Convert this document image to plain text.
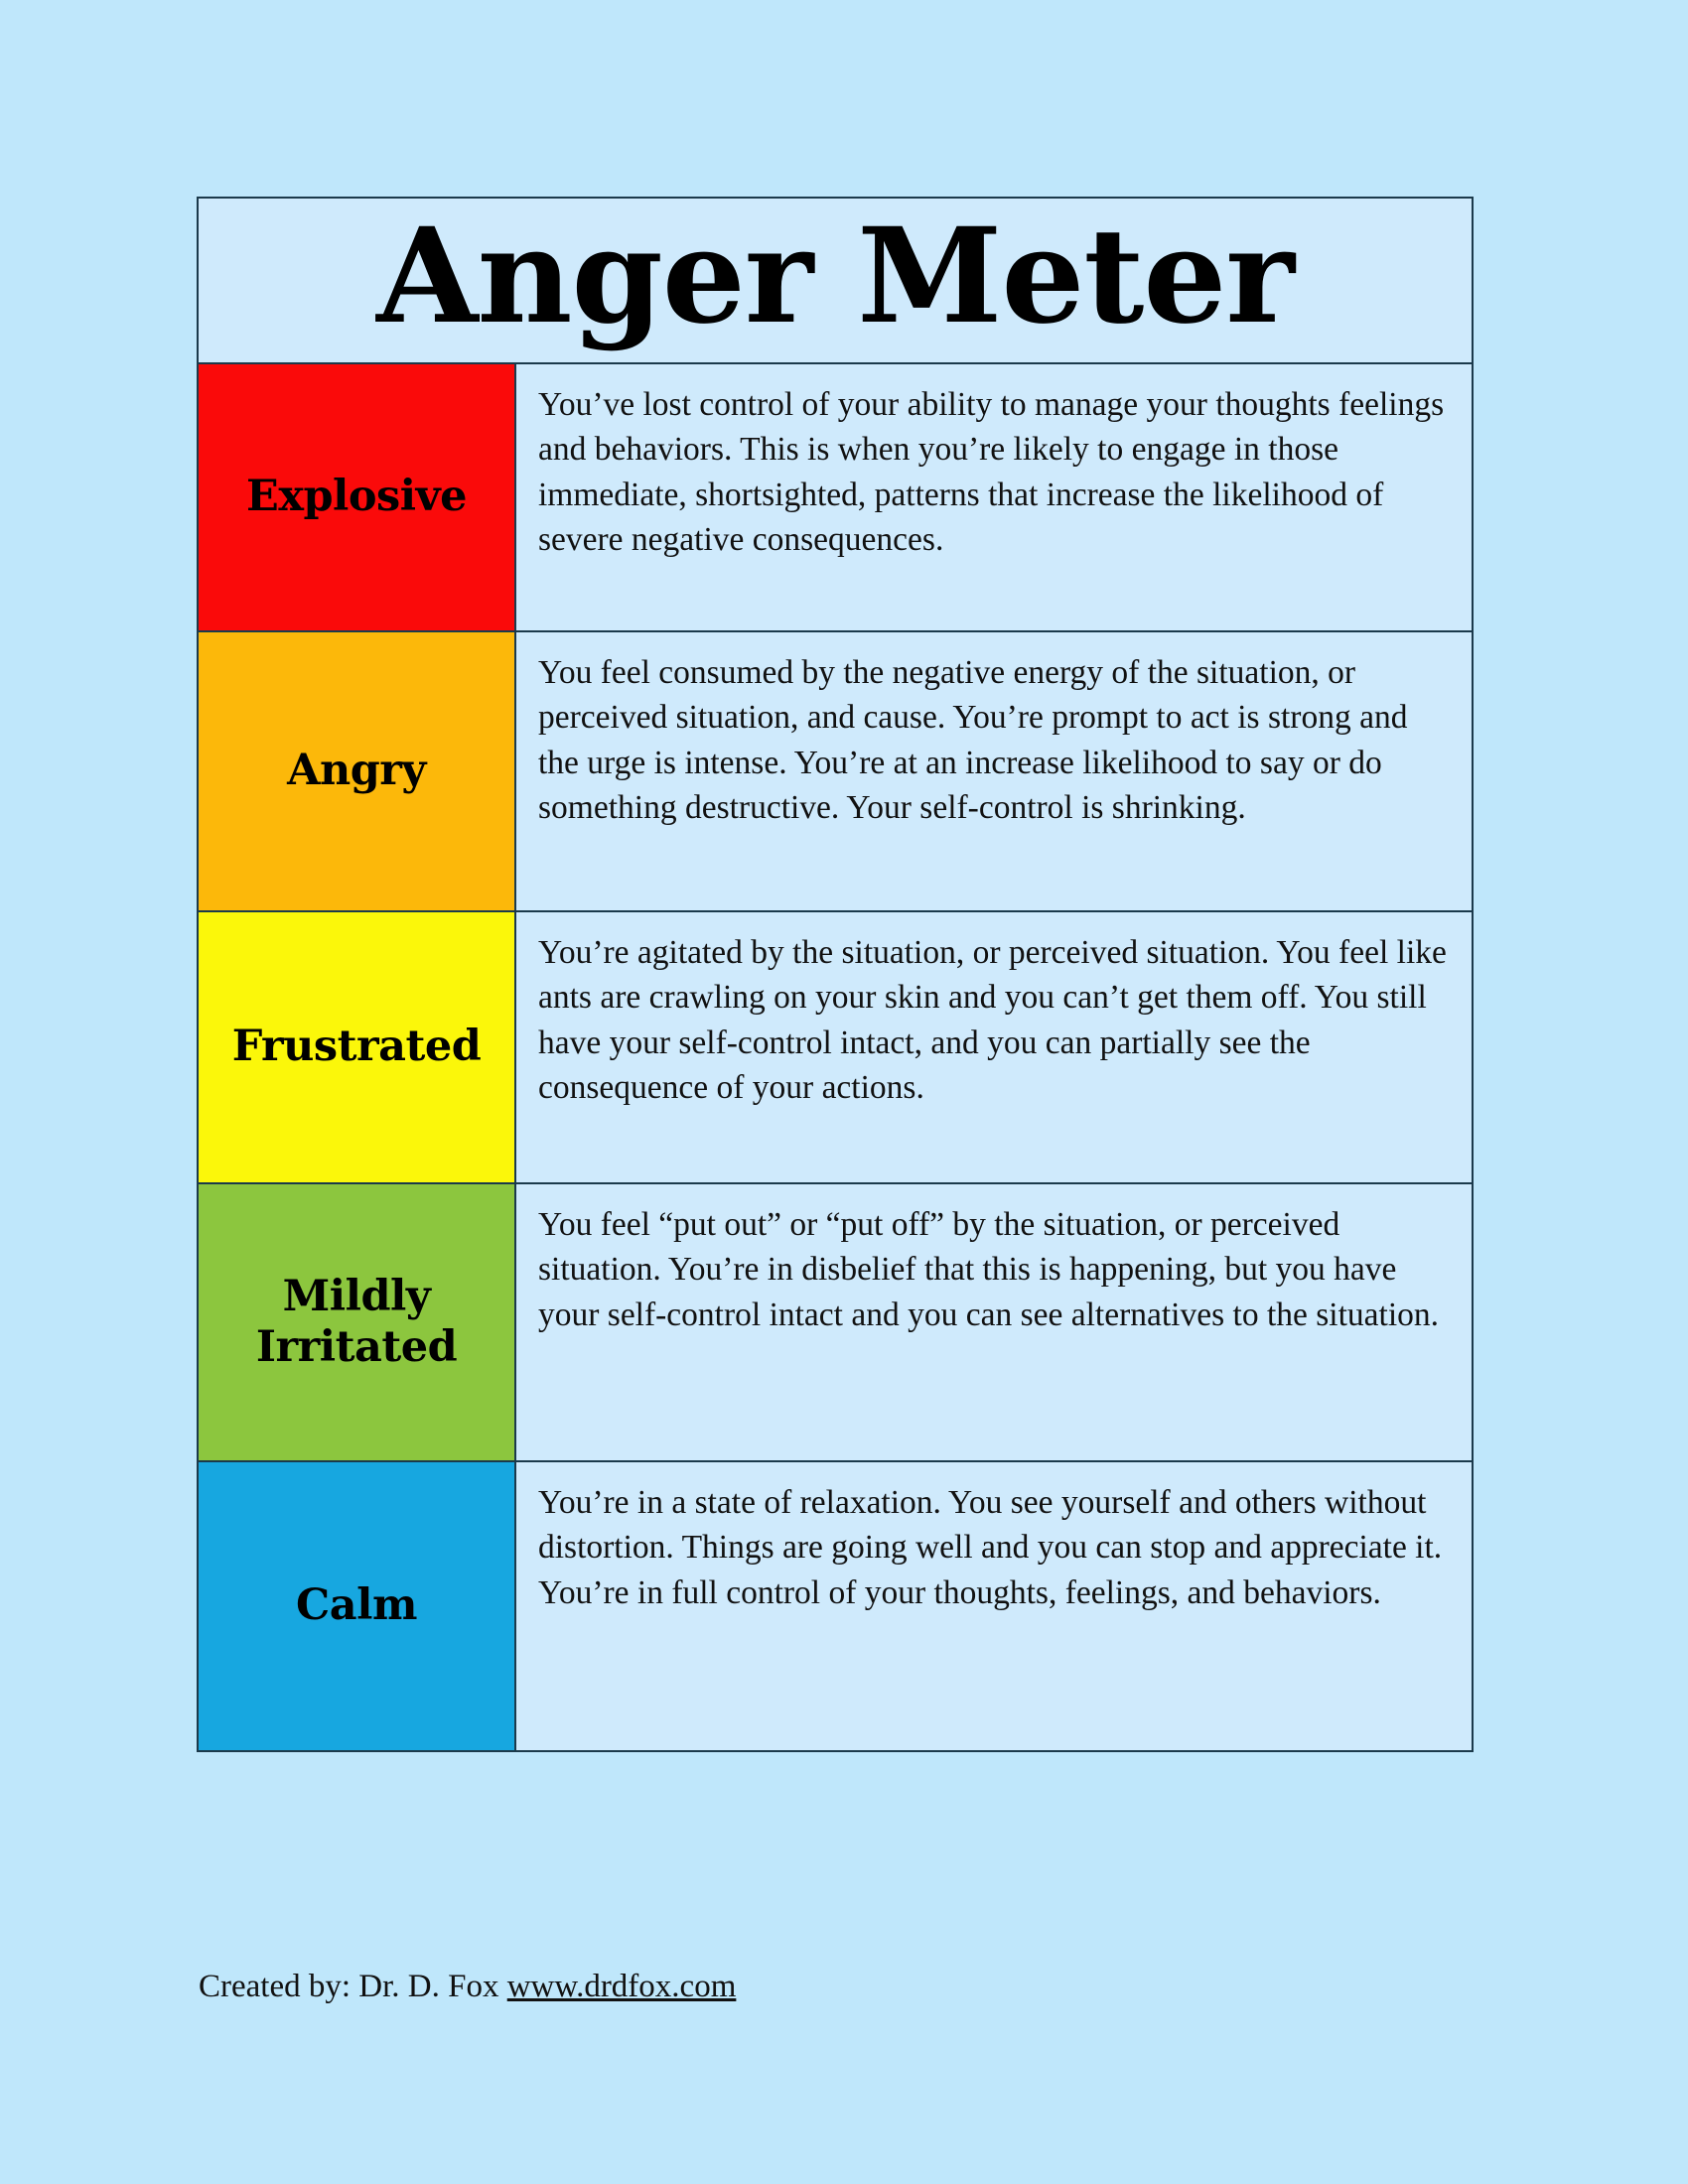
Anger Meter
Explosive

You’ve lost control of your ability to manage your thoughts feelings and behaviors. This is when you’re likely to engage in those immediate, shortsighted, patterns that increase the likelihood of severe negative consequences.

Angry

You feel consumed by the negative energy of the situation, or perceived situation, and cause. You’re prompt to act is strong and the urge is intense. You’re at an increase likelihood to say or do something destructive. Your self-control is shrinking.

Frustrated

You’re agitated by the situation, or perceived situation. You feel like ants are crawling on your skin and you can’t get them off. You still have your self-control intact, and you can partially see the consequence of your actions.

Mildly Irritated

You feel “put out” or “put off” by the situation, or perceived situation. You’re in disbelief that this is happening, but you have your self-control intact and you can see alternatives to the situation.

Calm

You’re in a state of relaxation. You see yourself and others without distortion. Things are going well and you can stop and appreciate it. You’re in full control of your thoughts, feelings, and behaviors.

Created by: Dr. D. Fox www.drdfox.com
